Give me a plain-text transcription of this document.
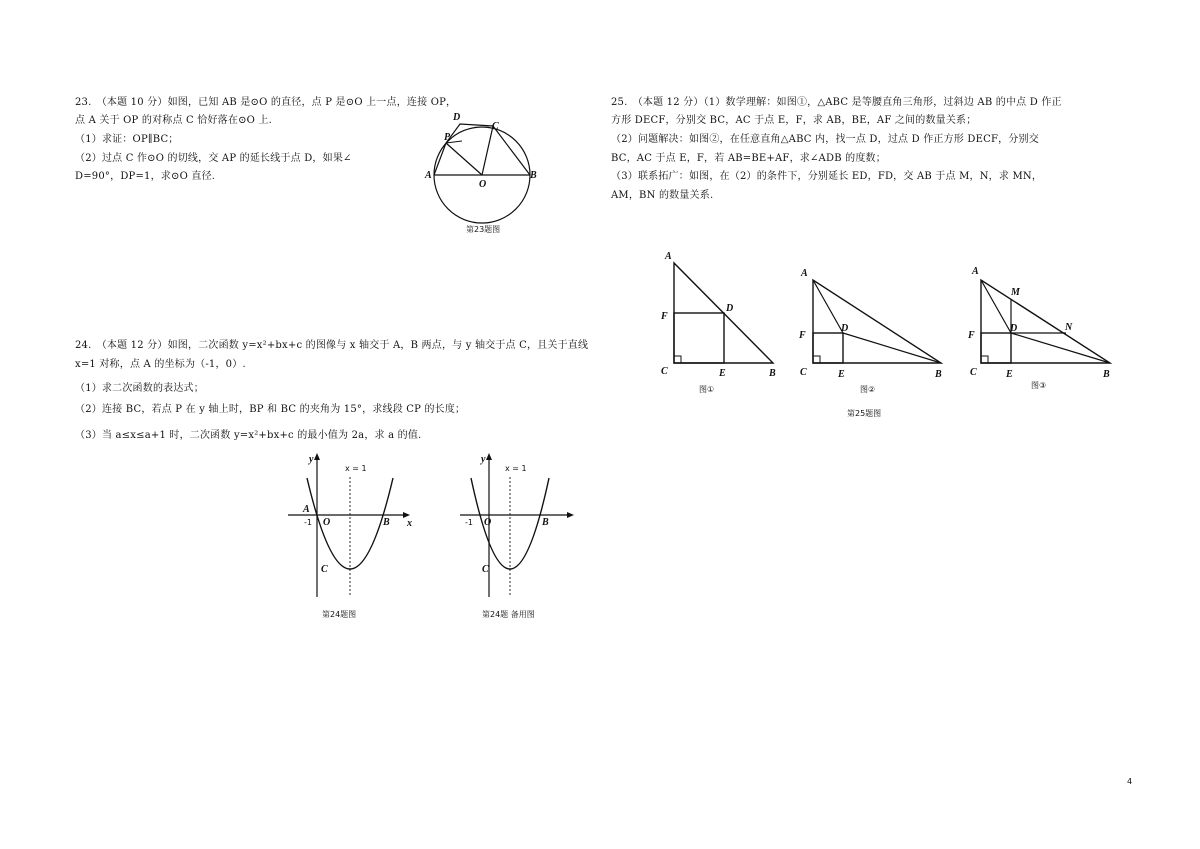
23.　（本题 10 分）如图，已知 AB 是⊙O 的直径，点 P 是⊙O 上一点，连接 OP，
点 A 关于 OP 的对称点 C 恰好落在⊙O 上.
（1）求证：OP∥BC；
（2）过点 C 作⊙O 的切线，交 AP 的延长线于点 D，如果∠
D=90°，DP=1，求⊙O 直径.
D
C
P
A
O
B
第23题图
24.　（本题 12 分）如图，二次函数 y=x²+bx+c 的图像与 x 轴交于 A，B 两点，与 y 轴交于点 C，且关于直线
x=1 对称，点 A 的坐标为（-1，0）.
（1）求二次函数的表达式；
（2）连接 BC，若点 P 在 y 轴上时，BP 和 BC 的夹角为 15°，求线段 CP 的长度；
（3）当 a≤x≤a+1 时，二次函数 y=x²+bx+c 的最小值为 2a，求 a 的值.
y
x
x = 1
A
-1 O	B
C
第24题图
y
x = 1
-1 O	B
C
第24题 备用图
25.　（本题 12 分）（1）数学理解：如图①，△ABC 是等腰直角三角形，过斜边 AB 的中点 D 作正
方形 DECF，分别交 BC，AC 于点 E，F，求 AB，BE，AF 之间的数量关系；
（2）问题解决：如图②，在任意直角△ABC 内，找一点 D，过点 D 作正方形 DECF，分别交
BC，AC 于点 E，F，若 AB=BE+AF，求∠ADB 的度数；
（3）联系拓广：如图，在（2）的条件下，分别延长 ED，FD，交 AB 于点 M，N，求 MN，
AM，BN 的数量关系.
A
F
D
C	E	B
图①
A
F
D
C	E	B
图②
A
M
N
F
D
C	E	B
图③
第25题图
4
